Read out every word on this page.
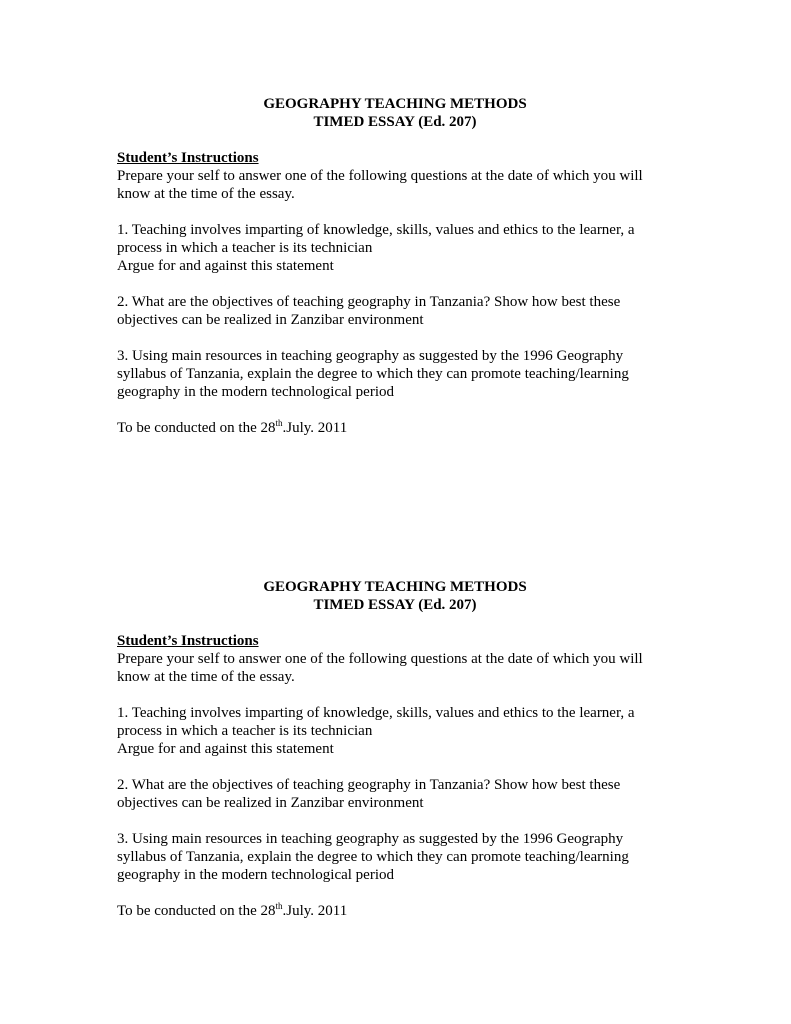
GEOGRAPHY TEACHING METHODS

TIMED ESSAY (Ed. 207)

Student’s Instructions

Prepare your self to answer one of the following questions at the date of which you will

know at the time of the essay.

1. Teaching involves imparting of knowledge, skills, values and ethics to the learner, a

process in which a teacher is its technician

Argue for and against this statement

2. What are the objectives of teaching geography in Tanzania? Show how best these

objectives can be realized in Zanzibar environment

3. Using main resources in teaching geography as suggested by the 1996 Geography

syllabus of Tanzania, explain the degree to which they can promote teaching/learning

geography in the modern technological period

To be conducted on the 28th.July. 2011

GEOGRAPHY TEACHING METHODS

TIMED ESSAY (Ed. 207)

Student’s Instructions

Prepare your self to answer one of the following questions at the date of which you will

know at the time of the essay.

1. Teaching involves imparting of knowledge, skills, values and ethics to the learner, a

process in which a teacher is its technician

Argue for and against this statement

2. What are the objectives of teaching geography in Tanzania? Show how best these

objectives can be realized in Zanzibar environment

3. Using main resources in teaching geography as suggested by the 1996 Geography

syllabus of Tanzania, explain the degree to which they can promote teaching/learning

geography in the modern technological period

To be conducted on the 28th.July. 2011
